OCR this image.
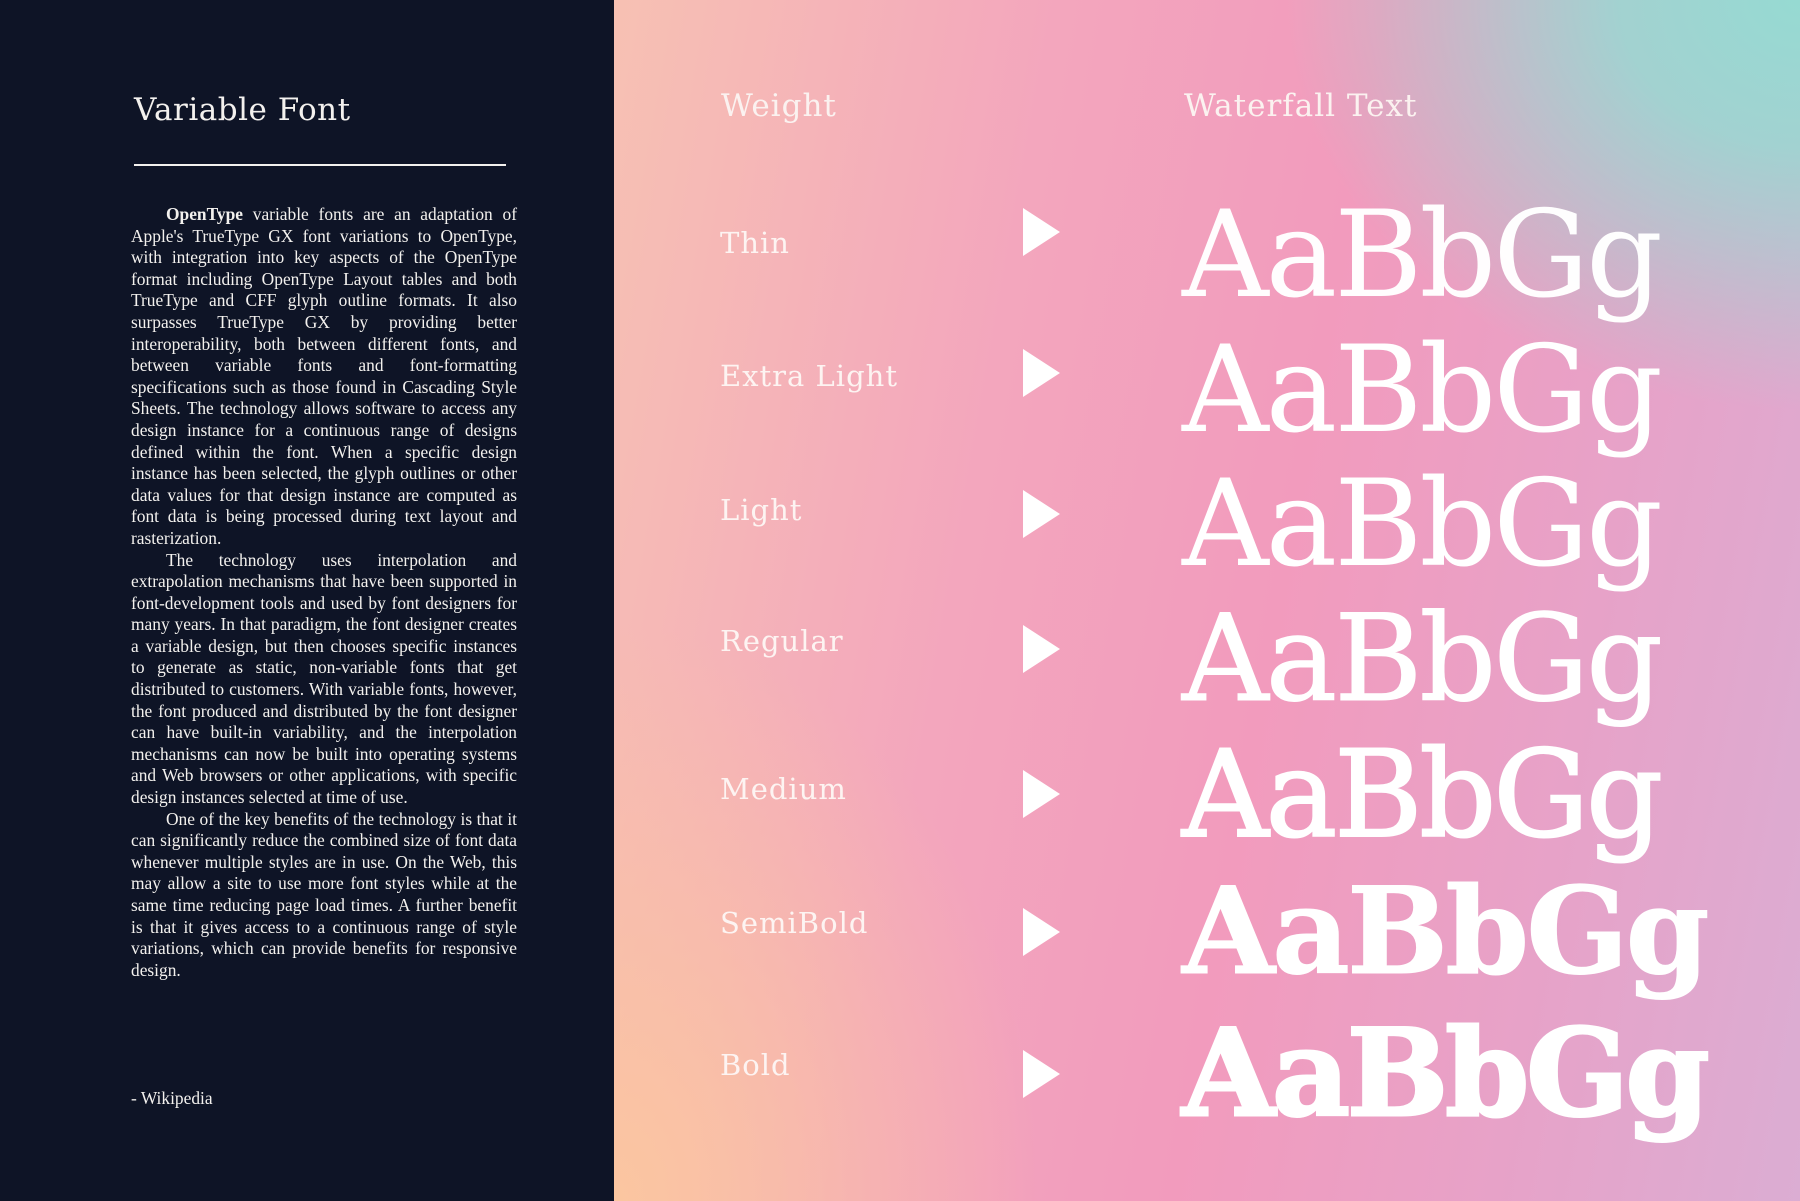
Variable Font

OpenType variable fonts are an adaptation of Apple's TrueType GX font variations to OpenType, with integration into key aspects of the OpenType format including OpenType Layout tables and both TrueType and CFF glyph outline formats. It also surpasses TrueType GX by providing better interoperability, both between different fonts, and between variable fonts and font-formatting specifications such as those found in Cascading Style Sheets. The technology allows software to access any design instance for a continuous range of designs defined within the font. When a specific design instance has been selected, the glyph outlines or other data values for that design instance are computed as font data is being processed during text layout and rasterization.

The technology uses interpolation and extrapolation mechanisms that have been supported in font-development tools and used by font designers for many years. In that paradigm, the font designer creates a variable design, but then chooses specific instances to generate as static, non-variable fonts that get distributed to customers. With variable fonts, however, the font produced and distributed by the font designer can have built-in variability, and the interpolation mechanisms can now be built into operating systems and Web browsers or other applications, with specific design instances selected at time of use.

One of the key benefits of the technology is that it can significantly reduce the combined size of font data whenever multiple styles are in use. On the Web, this may allow a site to use more font styles while at the same time reducing page load times. A further benefit is that it gives access to a continuous range of style variations, which can provide benefits for responsive design.

- Wikipedia
Weight	Waterfall Text
Thin	AaBbGg
Extra Light AaBbGg
Light	AaBbGg
Regular	AaBbGg
Medium	AaBbGg
SemiBold	AaBbGg
Bold	AaBbGg
